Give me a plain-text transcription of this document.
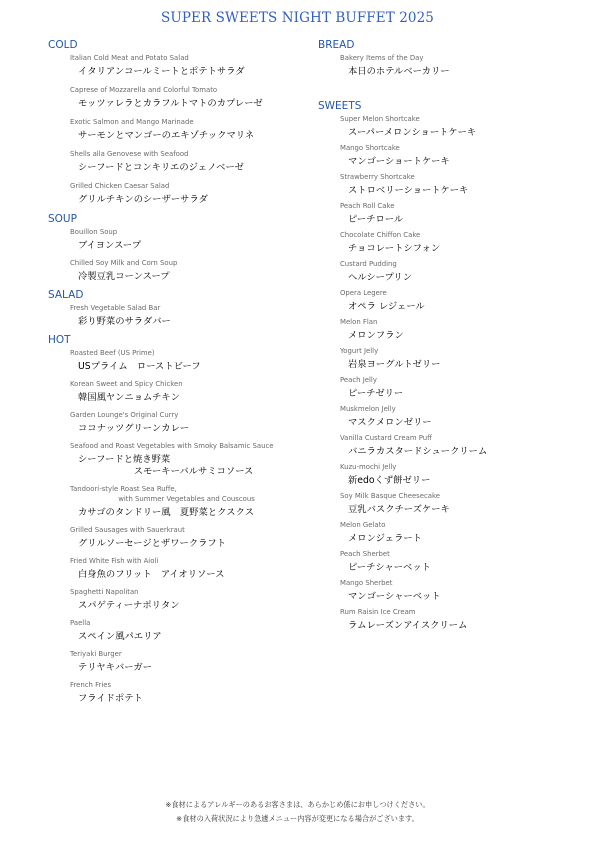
SUPER SWEETS NIGHT BUFFET 2025
COLD
Italian Cold Meat and Potato Salad
イタリアンコールミートとポテトサラダ
Caprese of Mozzarella and Colorful Tomato
モッツァレラとカラフルトマトのカプレーゼ
Exotic Salmon and Mango Marinade
サーモンとマンゴーのエキゾチックマリネ
Shells alla Genovese with Seafood
シーフードとコンキリエのジェノベーゼ
Grilled Chicken Caesar Salad
グリルチキンのシーザーサラダ
SOUP
Bouillon Soup
ブイヨンスープ
Chilled Soy Milk and Corn Soup
冷製豆乳コーンスープ
SALAD
Fresh Vegetable Salad Bar
彩り野菜のサラダバー
HOT
Roasted Beef (US Prime)
USプライム　ローストビーフ
Korean Sweet and Spicy Chicken
韓国風ヤンニョムチキン
Garden Lounge's Original Curry
ココナッツグリーンカレー
Seafood and Roast Vegetables with Smoky Balsamic Sauce
シーフードと焼き野菜
　　　　　　スモーキーバルサミコソース
Tandoori-style Roast Sea Ruffe,
　　　　　　　with Summer Vegetables and Couscous
カサゴのタンドリー風　夏野菜とクスクス
Grilled Sausages with Sauerkraut
グリルソーセージとザワークラフト
Fried White Fish with Aioli
白身魚のフリット　アイオリソース
Spaghetti Napolitan
スパゲティーナポリタン
Paella
スペイン風パエリア
Teriyaki Burger
テリヤキバーガー
French Fries
フライドポテト
BREAD
Bakery Items of the Day
本日のホテルベーカリー
SWEETS
Super Melon Shortcake
スーパーメロンショートケーキ
Mango Shortcake
マンゴーショートケーキ
Strawberry Shortcake
ストロベリーショートケーキ
Peach Roll Cake
ピーチロール
Chocolate Chiffon Cake
チョコレートシフォン
Custard Pudding
ヘルシープリン
Opera Legere
オペラ レジェール
Melon Flan
メロンフラン
Yogurt Jelly
岩泉ヨーグルトゼリー
Peach Jelly
ピーチゼリー
Muskmelon Jelly
マスクメロンゼリー
Vanilla Custard Cream Puff
バニラカスタードシュークリーム
Kuzu-mochi Jelly
新edoくず餅ゼリー
Soy Milk Basque Cheesecake
豆乳バスクチーズケーキ
Melon Gelato
メロンジェラート
Peach Sherbet
ピーチシャーベット
Mango Sherbet
マンゴーシャーベット
Rum Raisin Ice Cream
ラムレーズンアイスクリーム
※食材によるアレルギーのあるお客さまは、あらかじめ係にお申しつけください。
※食材の入荷状況により急遽メニュー内容が変更になる場合がございます。
